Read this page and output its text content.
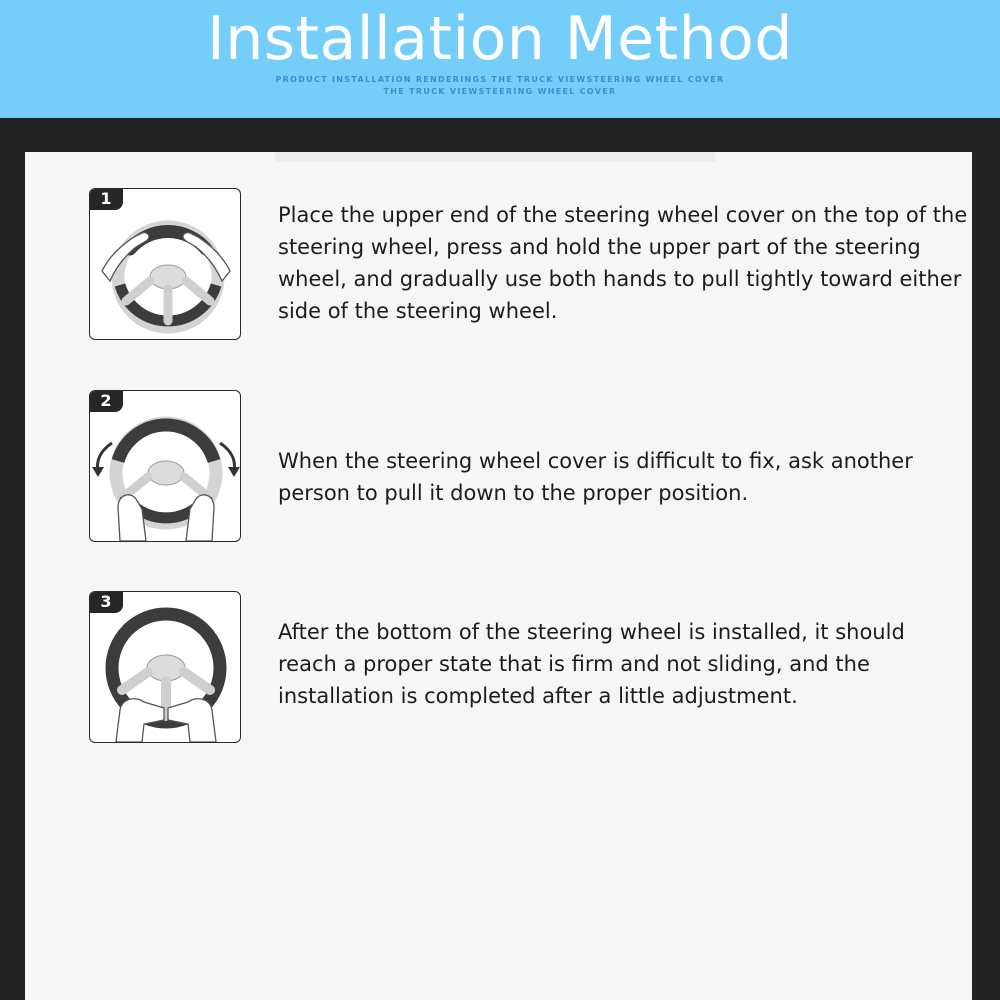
Installation Method
PRODUCT INSTALLATION RENDERINGS THE TRUCK VIEWSTEERING WHEEL COVER
THE TRUCK VIEWSTEERING WHEEL COVER
1
Place the upper end of the steering wheel cover on the top of the steering wheel, press and hold the upper part of the steering wheel, and gradually use both hands to pull tightly toward either side of the steering wheel.
2
When the steering wheel cover is difficult to fix, ask another person to pull it down to the proper position.
3
After the bottom of the steering wheel is installed, it should reach a proper state that is firm and not sliding, and the installation is completed after a little adjustment.
